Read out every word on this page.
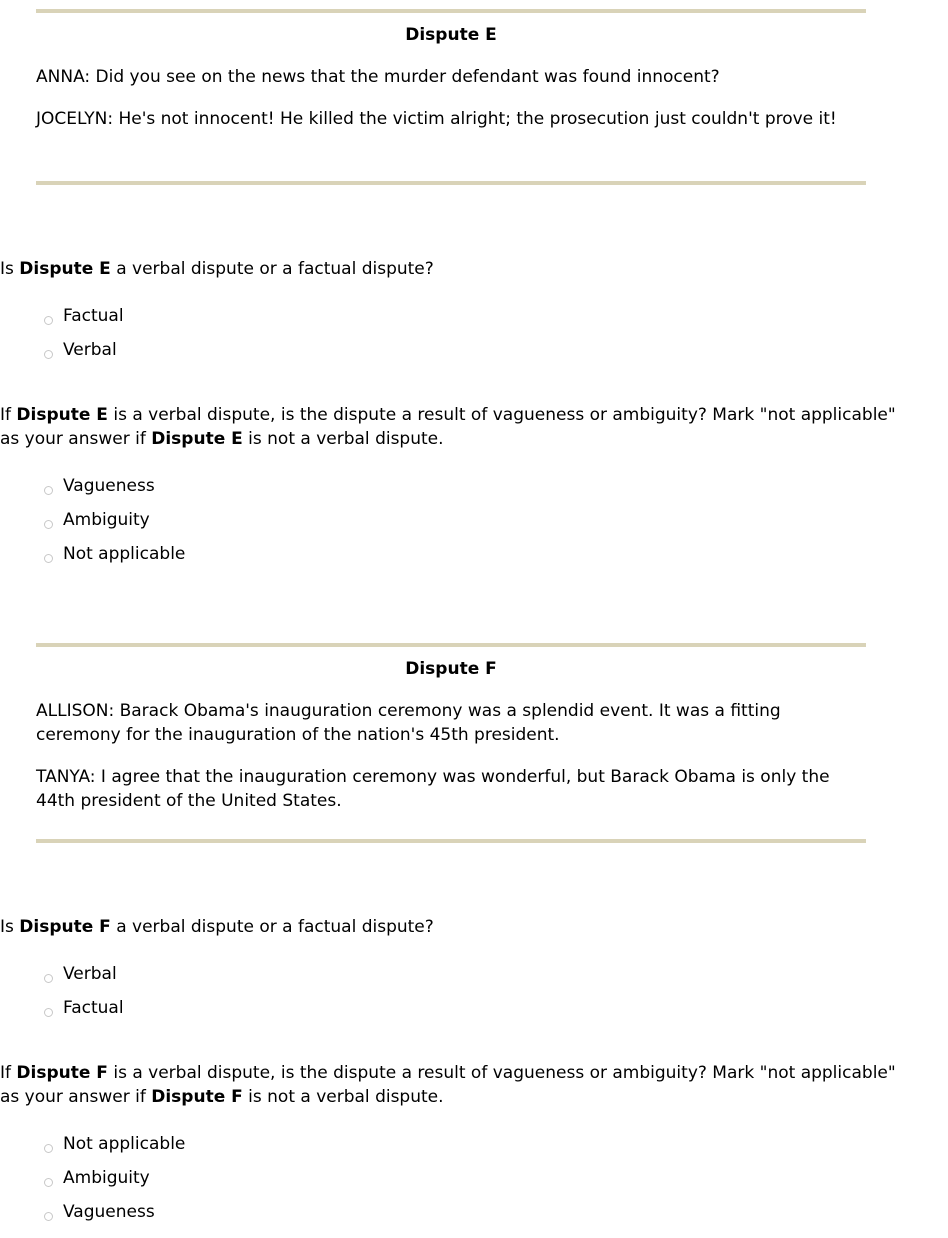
Dispute E

ANNA: Did you see on the news that the murder defendant was found innocent?

JOCELYN: He's not innocent! He killed the victim alright; the prosecution just couldn't prove it!

Is Dispute E a verbal dispute or a factual dispute?

Factual
Verbal

If Dispute E is a verbal dispute, is the dispute a result of vagueness or ambiguity? Mark "not applicable" as your answer if Dispute E is not a verbal dispute.

Vagueness
Ambiguity
Not applicable
Dispute F

ALLISON: Barack Obama's inauguration ceremony was a splendid event. It was a fitting ceremony for the inauguration of the nation's 45th president.

TANYA: I agree that the inauguration ceremony was wonderful, but Barack Obama is only the 44th president of the United States.

Is Dispute F a verbal dispute or a factual dispute?

Verbal
Factual

If Dispute F is a verbal dispute, is the dispute a result of vagueness or ambiguity? Mark "not applicable" as your answer if Dispute F is not a verbal dispute.

Not applicable
Ambiguity
Vagueness
